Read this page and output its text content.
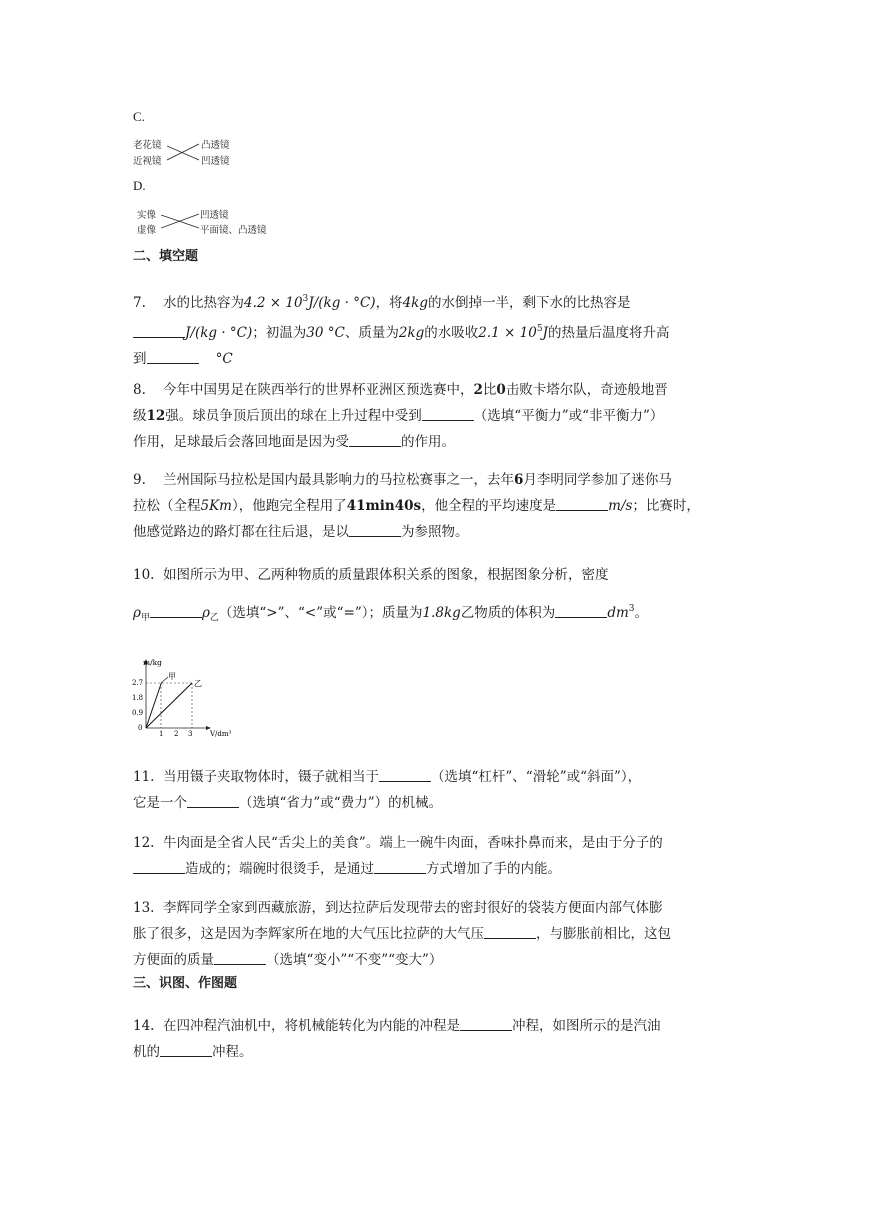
C.
老花镜
近视镜
凸透镜
凹透镜
D.
实像
虚像
凹透镜
平面镜、凸透镜
二、填空题
7. 水的比热容为$4.2 \times 10^3J/(kg \cdot ^\circ C)$，将4kg的水倒掉一半，剩下水的比热容是
J/(kg · °C)；初温为30 °C、质量为2kg的水吸收$2.1 \times 10^5J$的热量后温度将升高
到	°C
8. 今年中国男足在陕西举行的世界杯亚洲区预选赛中，2比0击败卡塔尔队，奇迹般地晋
级12强。球员争顶后顶出的球在上升过程中受到	（选填“平衡力”或“非平衡力”）
作用，足球最后会落回地面是因为受	的作用。
9. 兰州国际马拉松是国内最具影响力的马拉松赛事之一，去年6月李明同学参加了迷你马
拉松（全程5Km），他跑完全程用了41min40s，他全程的平均速度是	m/s；比赛时，
他感觉路边的路灯都在往后退，是以	为参照物。
10. 如图所示为甲、乙两种物质的质量跟体积关系的图象，根据图象分析，密度
$\rho_甲$	$\rho_乙$（选填“>”、“<”或“=”）；质量为1.8kg乙物质的体积为	$dm^3$。
m/kg
V/dm³
2.7
1.8
0.9
0
1 2 3
甲
乙
11. 当用镊子夹取物体时，镊子就相当于	（选填“杠杆”、“滑轮”或“斜面”），
它是一个	（选填“省力”或“费力”）的机械。
12. 牛肉面是全省人民“舌尖上的美食”。端上一碗牛肉面，香味扑鼻而来，是由于分子的
造成的；端碗时很烫手，是通过	方式增加了手的内能。
13. 李辉同学全家到西藏旅游，到达拉萨后发现带去的密封很好的袋装方便面内部气体膨
胀了很多，这是因为李辉家所在地的大气压比拉萨的大气压	，与膨胀前相比，这包
方便面的质量	（选填“变小”“不变”“变大”）
三、识图、作图题
14. 在四冲程汽油机中，将机械能转化为内能的冲程是	冲程，如图所示的是汽油
机的	冲程。
